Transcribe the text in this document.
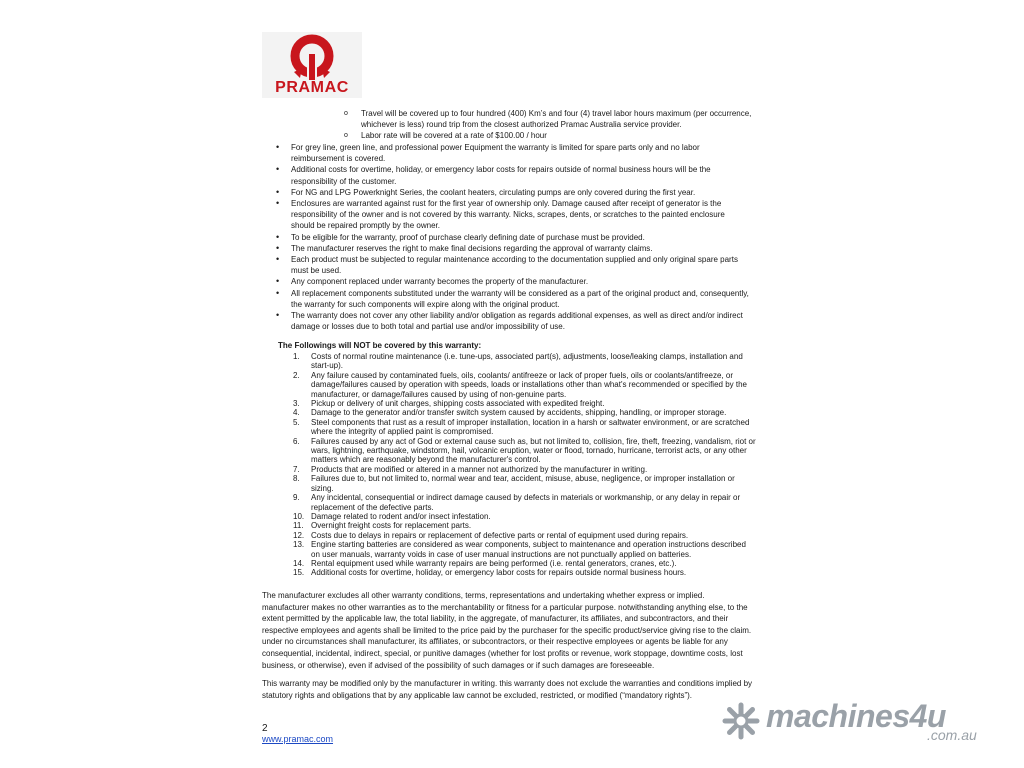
PRAMAC
o Travel will be covered up to four hundred (400) Km’s and four (4) travel labor hours maximum (per occurrence, whichever is less) round trip from the closest authorized Pramac Australia service provider.
o Labor rate will be covered at a rate of $100.00 / hour
• For grey line, green line, and professional power Equipment the warranty is limited for spare parts only and no labor reimbursement is covered.
• Additional costs for overtime, holiday, or emergency labor costs for repairs outside of normal business hours will be the responsibility of the customer.
• For NG and LPG Powerknight Series, the coolant heaters, circulating pumps are only covered during the first year.
• Enclosures are warranted against rust for the first year of ownership only. Damage caused after receipt of generator is the responsibility of the owner and is not covered by this warranty. Nicks, scrapes, dents, or scratches to the painted enclosure should be repaired promptly by the owner.
• To be eligible for the warranty, proof of purchase clearly defining date of purchase must be provided.
• The manufacturer reserves the right to make final decisions regarding the approval of warranty claims.
• Each product must be subjected to regular maintenance according to the documentation supplied and only original spare parts must be used.
• Any component replaced under warranty becomes the property of the manufacturer.
• All replacement components substituted under the warranty will be considered as a part of the original product and, consequently, the warranty for such components will expire along with the original product.
• The warranty does not cover any other liability and/or obligation as regards additional expenses, as well as direct and/or indirect damage or losses due to both total and partial use and/or impossibility of use.
The Followings will NOT be covered by this warranty:
1. Costs of normal routine maintenance (i.e. tune-ups, associated part(s), adjustments, loose/leaking clamps, installation and start-up).
2. Any failure caused by contaminated fuels, oils, coolants/ antifreeze or lack of proper fuels, oils or coolants/antifreeze, or damage/failures caused by operation with speeds, loads or installations other than what's recommended or specified by the manufacturer, or damage/failures caused by using of non-genuine parts.
3. Pickup or delivery of unit charges, shipping costs associated with expedited freight.
4. Damage to the generator and/or transfer switch system caused by accidents, shipping, handling, or improper storage.
5. Steel components that rust as a result of improper installation, location in a harsh or saltwater environment, or are scratched where the integrity of applied paint is compromised.
6. Failures caused by any act of God or external cause such as, but not limited to, collision, fire, theft, freezing, vandalism, riot or wars, lightning, earthquake, windstorm, hail, volcanic eruption, water or flood, tornado, hurricane, terrorist acts, or any other matters which are reasonably beyond the manufacturer's control.
7. Products that are modified or altered in a manner not authorized by the manufacturer in writing.
8. Failures due to, but not limited to, normal wear and tear, accident, misuse, abuse, negligence, or improper installation or sizing.
9. Any incidental, consequential or indirect damage caused by defects in materials or workmanship, or any delay in repair or replacement of the defective parts.
10. Damage related to rodent and/or insect infestation.
11. Overnight freight costs for replacement parts.
12. Costs due to delays in repairs or replacement of defective parts or rental of equipment used during repairs.
13. Engine starting batteries are considered as wear components, subject to maintenance and operation instructions described on user manuals, warranty voids in case of user manual instructions are not punctually applied on batteries.
14. Rental equipment used while warranty repairs are being performed (i.e. rental generators, cranes, etc.).
15. Additional costs for overtime, holiday, or emergency labor costs for repairs outside normal business hours.

The manufacturer excludes all other warranty conditions, terms, representations and undertaking whether express or implied. manufacturer makes no other warranties as to the merchantability or fitness for a particular purpose. notwithstanding anything else, to the extent permitted by the applicable law, the total liability, in the aggregate, of manufacturer, its affiliates, and subcontractors, and their respective employees and agents shall be limited to the price paid by the purchaser for the specific product/service giving rise to the claim. under no circumstances shall manufacturer, its affiliates, or subcontractors, or their respective employees or agents be liable for any consequential, incidental, indirect, special, or punitive damages (whether for lost profits or revenue, work stoppage, downtime costs, lost business, or otherwise), even if advised of the possibility of such damages or if such damages are foreseeable.

This warranty may be modified only by the manufacturer in writing. this warranty does not exclude the warranties and conditions implied by statutory rights and obligations that by any applicable law cannot be excluded, restricted, or modified (“mandatory rights”).

2
www.pramac.com
machines4u
.com.au
